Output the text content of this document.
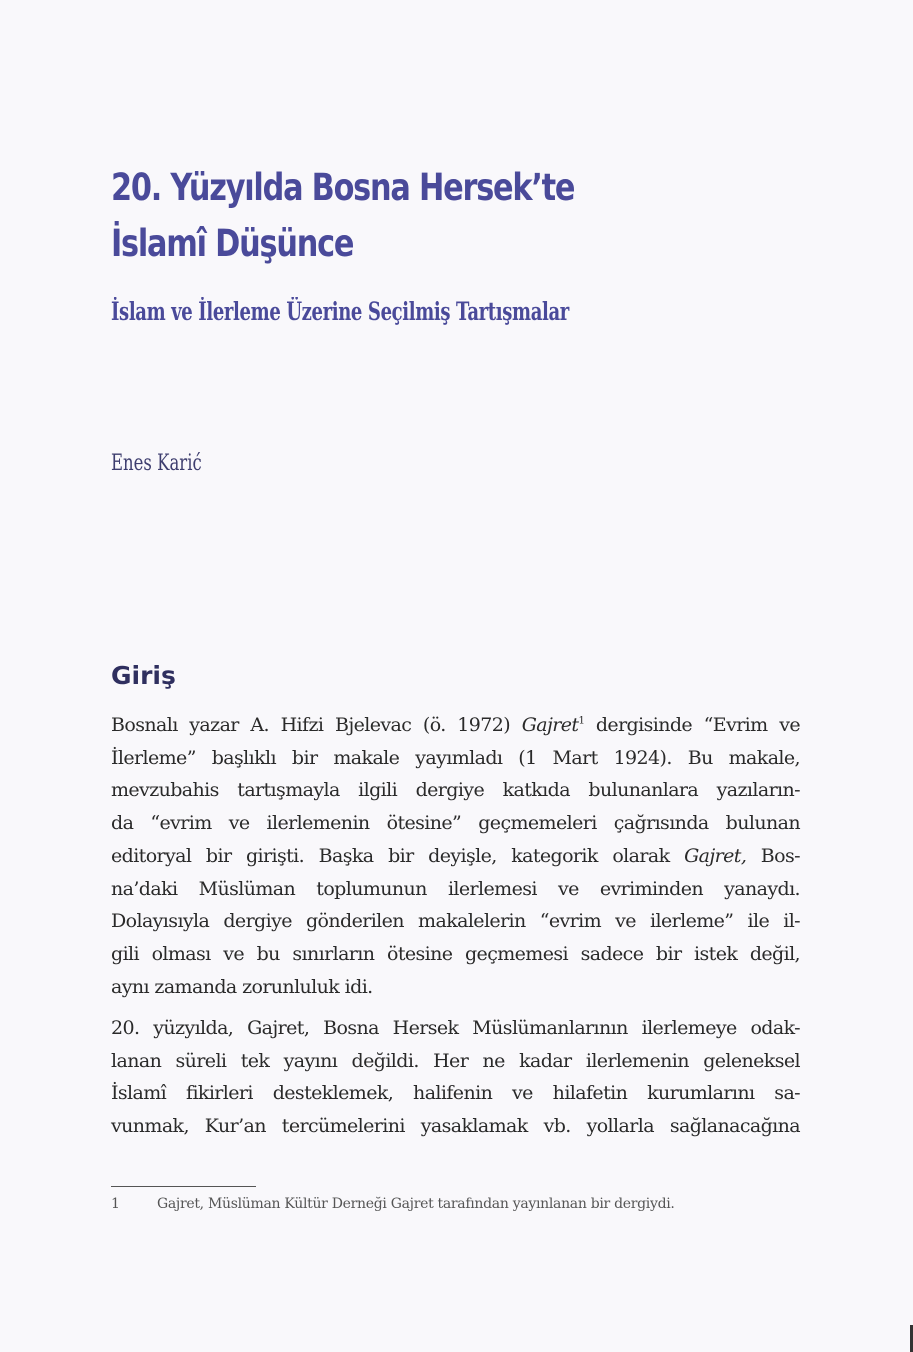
20. Yüzyılda Bosna Hersek’te
İslamî Düşünce
İslam ve İlerleme Üzerine Seçilmiş Tartışmalar

Enes Karić

Giriş
Bosnalı yazar A. Hifzi Bjelevac (ö. 1972) Gajret$^1$ dergisinde “Evrim ve
İlerleme” başlıklı bir makale yayımladı (1 Mart 1924). Bu makale,
mevzubahis tartışmayla ilgili dergiye katkıda bulunanlara yazıların-
da “evrim ve ilerlemenin ötesine” geçmemeleri çağrısında bulunan
editoryal bir girişti. Başka bir deyişle, kategorik olarak Gajret, Bos-
na’daki Müslüman toplumunun ilerlemesi ve evriminden yanaydı.
Dolayısıyla dergiye gönderilen makalelerin “evrim ve ilerleme” ile il-
gili olması ve bu sınırların ötesine geçmemesi sadece bir istek değil,
aynı zamanda zorunluluk idi.
20. yüzyılda, Gajret, Bosna Hersek Müslümanlarının ilerlemeye odak-
lanan süreli tek yayını değildi. Her ne kadar ilerlemenin geleneksel
İslamî fikirleri desteklemek, halifenin ve hilafetin kurumlarını sa-
vunmak, Kur’an tercümelerini yasaklamak vb. yollarla sağlanacağına
1	Gajret, Müslüman Kültür Derneği Gajret tarafından yayınlanan bir dergiydi.
